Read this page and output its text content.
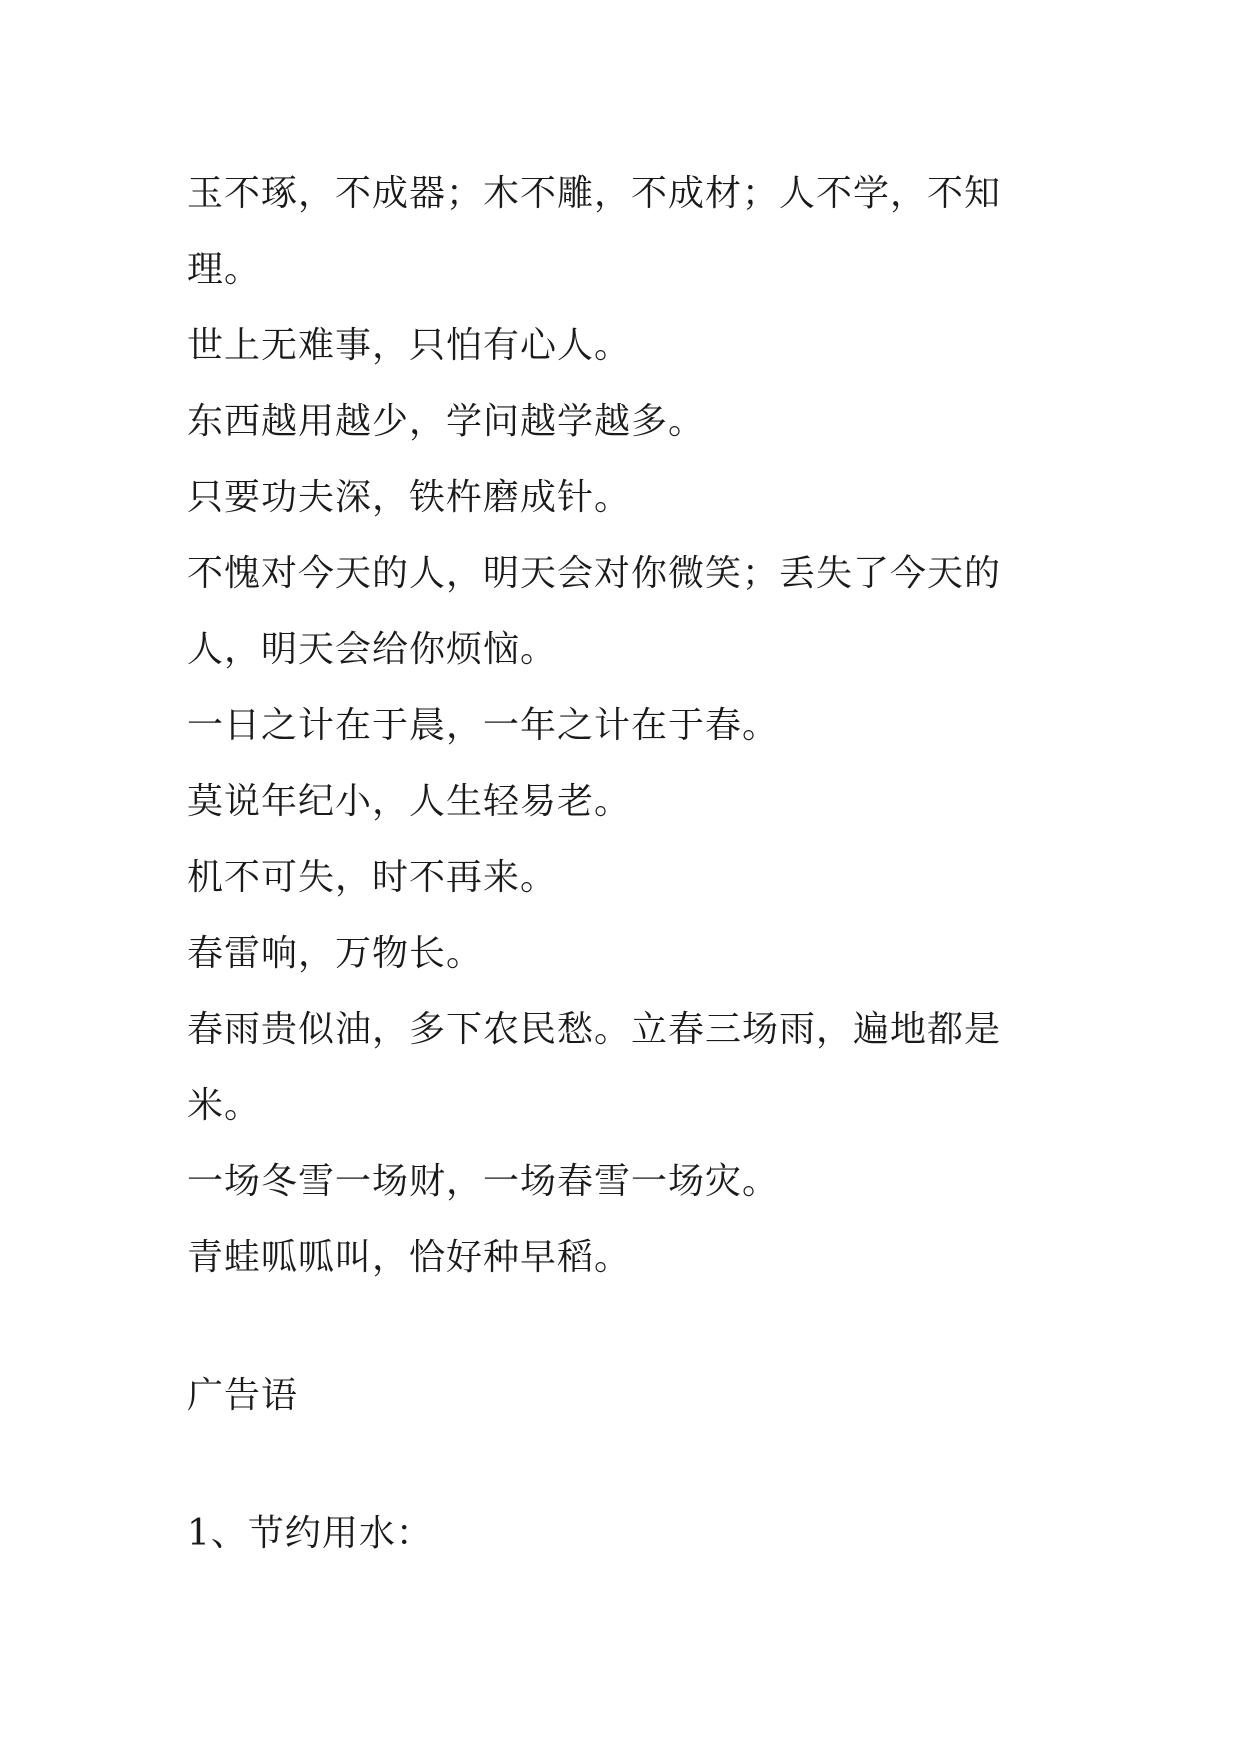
玉不琢，不成器；木不雕，不成材；人不学，不知理。

世上无难事，只怕有心人。

东西越用越少，学问越学越多。

只要功夫深，铁杵磨成针。

不愧对今天的人，明天会对你微笑；丢失了今天的人，明天会给你烦恼。

一日之计在于晨，一年之计在于春。

莫说年纪小，人生轻易老。

机不可失，时不再来。

春雷响，万物长。

春雨贵似油，多下农民愁。立春三场雨，遍地都是米。

一场冬雪一场财，一场春雪一场灾。

青蛙呱呱叫，恰好种早稻。

广告语

1、节约用水：
